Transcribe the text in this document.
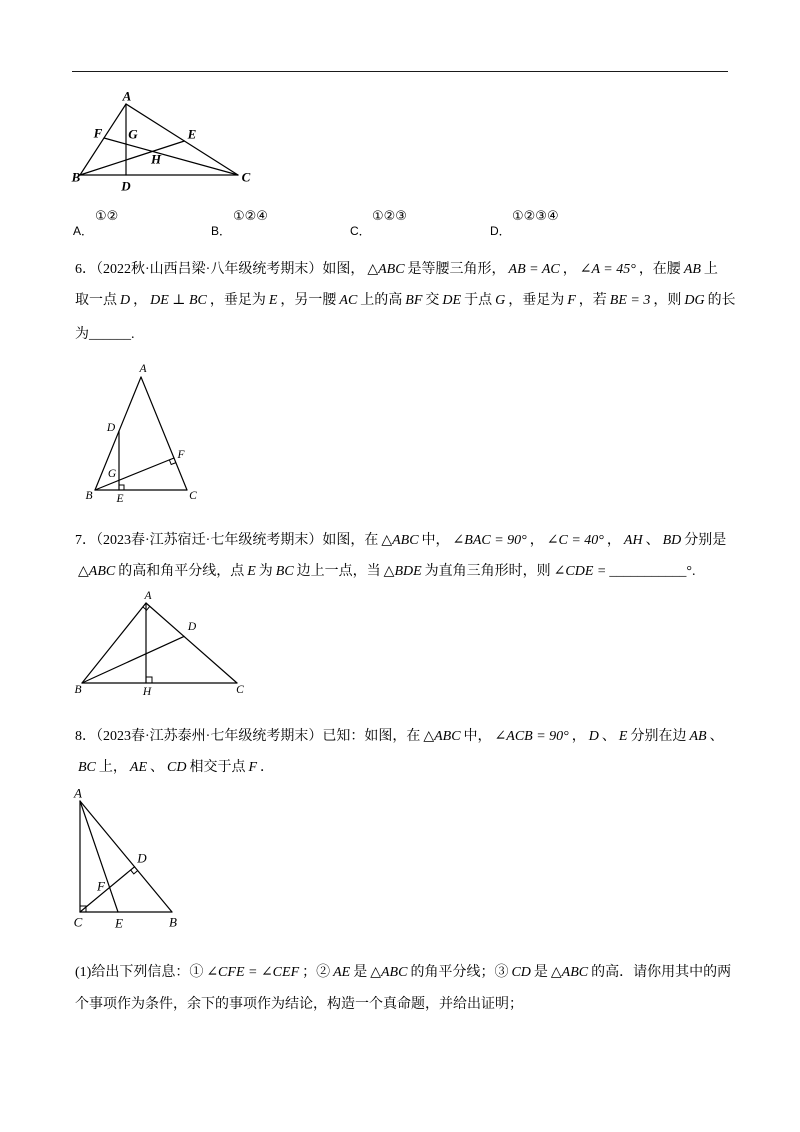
A
F G	E
H
B
D
C
A．
①②
B．
①②④
C．
①②③
D．
①②③④
6．（2022秋·山西吕梁·八年级统考期末）如图， △ABC 是等腰三角形， AB = AC ， ∠A = 45° ，在腰 AB 上
取一点 D ， DE ⊥ BC ，垂足为 E ，另一腰 AC 上的高 BF 交 DE 于点 G ，垂足为 F ，若 BE = 3 ，则 DG 的长
为______.
A
D
F
G
B E	C
7．（2023春·江苏宿迁·七年级统考期末）如图，在 △ABC 中， ∠BAC = 90° ， ∠C = 40° ， AH 、 BD 分别是
△ABC 的高和角平分线，点 E 为 BC 边上一点，当 △BDE 为直角三角形时，则 ∠CDE = ___________°.
A
D
B	H	C
8．（2023春·江苏泰州·七年级统考期末）已知：如图，在 △ABC 中， ∠ACB = 90° ， D 、 E 分别在边 AB 、
BC 上， AE 、 CD 相交于点 F ．
A
D
F
C	E	B
(1)给出下列信息：① ∠CFE = ∠CEF ；② AE 是 △ABC 的角平分线；③ CD 是 △ABC 的高．请你用其中的两
个事项作为条件，余下的事项作为结论，构造一个真命题，并给出证明；
